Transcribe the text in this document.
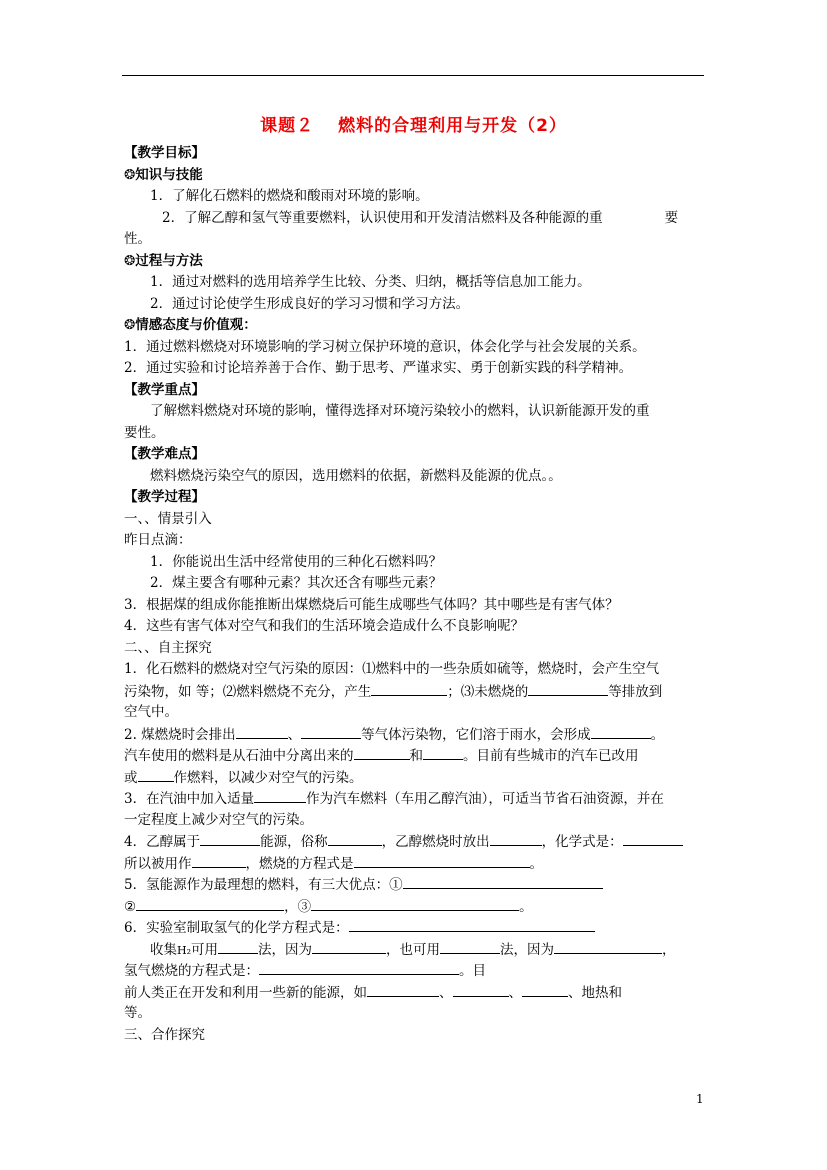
课题２ 燃料的合理利用与开发（2）
【教学目标】
❂知识与技能
1．了解化石燃料的燃烧和酸雨对环境的影响。
2．了解乙醇和氢气等重要燃料，认识使用和开发清洁燃料及各种能源的重	要
性。
❂过程与方法
1．通过对燃料的选用培养学生比较、分类、归纳，概括等信息加工能力。
2．通过讨论使学生形成良好的学习习惯和学习方法。
❂情感态度与价值观：
1．通过燃料燃烧对环境影响的学习树立保护环境的意识，体会化学与社会发展的关系。
2．通过实验和讨论培养善于合作、勤于思考、严谨求实、勇于创新实践的科学精神。
【教学重点】
了解燃料燃烧对环境的影响，懂得选择对环境污染较小的燃料，认识新能源开发的重
要性。
【教学难点】
燃料燃烧污染空气的原因，选用燃料的依据，新燃料及能源的优点。。
【教学过程】
一、、情景引入
昨日点滴：
1．你能说出生活中经常使用的三种化石燃料吗？
2．煤主要含有哪种元素？其次还含有哪些元素？
3．根据煤的组成你能推断出煤燃烧后可能生成哪些气体吗？其中哪些是有害气体？
4．这些有害气体对空气和我们的生活环境会造成什么不良影响呢？
二、、自主探究
1．化石燃料的燃烧对空气污染的原因：⑴燃料中的一些杂质如硫等，燃烧时，会产生空气
污染物，如 等；⑵燃料燃烧不充分，产生	；⑶未燃烧的	等排放到
空气中。
2. 煤燃烧时会排出	、	等气体污染物，它们溶于雨水，会形成	。
汽车使用的燃料是从石油中分离出来的	和	。目前有些城市的汽车已改用
或	作燃料，以减少对空气的污染。
3．在汽油中加入适量	作为汽车燃料（车用乙醇汽油），可适当节省石油资源，并在
一定程度上减少对空气的污染。
4．乙醇属于	能源，俗称	，乙醇燃烧时放出	，化学式是：
所以被用作	，燃烧的方程式是	。
5．氢能源作为最理想的燃料，有三大优点：①
②	，③	。
6．实验室制取氢气的化学方程式是：
收集H₂可用	法，因为	，也可用	法，因为	，
氢气燃烧的方程式是：	。目
前人类正在开发和利用一些新的能源，如	、	、	、地热和
等。
三、合作探究
1
